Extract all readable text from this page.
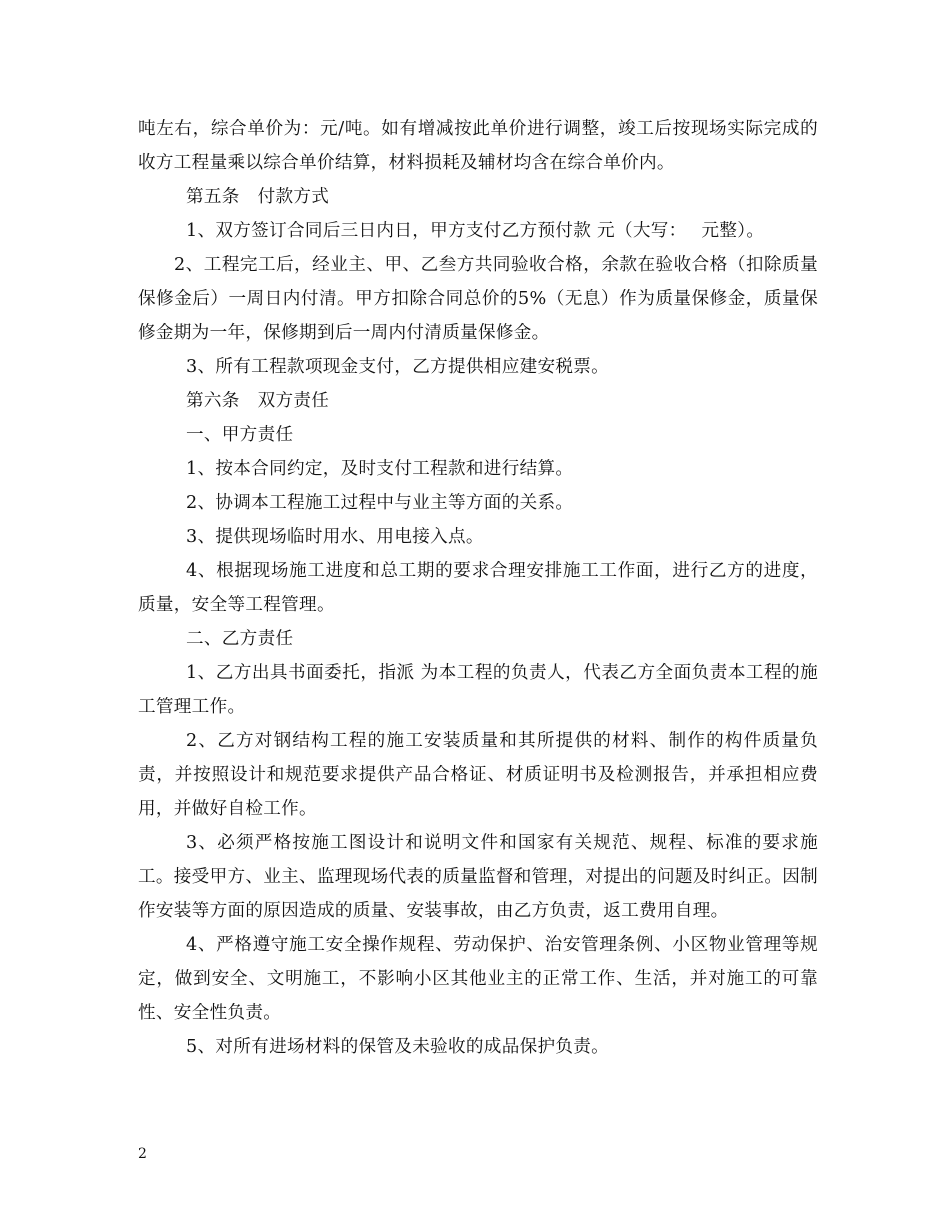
吨左右，综合单价为：元/吨。如有增减按此单价进行调整，竣工后按现场实际完成的收方工程量乘以综合单价结算，材料损耗及辅材均含在综合单价内。

第五条　付款方式

1、双方签订合同后三日内日，甲方支付乙方预付款 元（大写：　 元整）。

2、工程完工后，经业主、甲、乙叁方共同验收合格，余款在验收合格（扣除质量保修金后）一周日内付清。甲方扣除合同总价的5%（无息）作为质量保修金，质量保修金期为一年，保修期到后一周内付清质量保修金。

3、所有工程款项现金支付，乙方提供相应建安税票。

第六条　双方责任

一、甲方责任

1、按本合同约定，及时支付工程款和进行结算。

2、协调本工程施工过程中与业主等方面的关系。

3、提供现场临时用水、用电接入点。

4、根据现场施工进度和总工期的要求合理安排施工工作面，进行乙方的进度，质量，安全等工程管理。

二、乙方责任

1、乙方出具书面委托，指派 为本工程的负责人，代表乙方全面负责本工程的施工管理工作。

2、乙方对钢结构工程的施工安装质量和其所提供的材料、制作的构件质量负责，并按照设计和规范要求提供产品合格证、材质证明书及检测报告，并承担相应费用，并做好自检工作。

3、必须严格按施工图设计和说明文件和国家有关规范、规程、标准的要求施工。接受甲方、业主、监理现场代表的质量监督和管理，对提出的问题及时纠正。因制作安装等方面的原因造成的质量、安装事故，由乙方负责，返工费用自理。

4、严格遵守施工安全操作规程、劳动保护、治安管理条例、小区物业管理等规定，做到安全、文明施工，不影响小区其他业主的正常工作、生活，并对施工的可靠性、安全性负责。

5、对所有进场材料的保管及未验收的成品保护负责。

2
